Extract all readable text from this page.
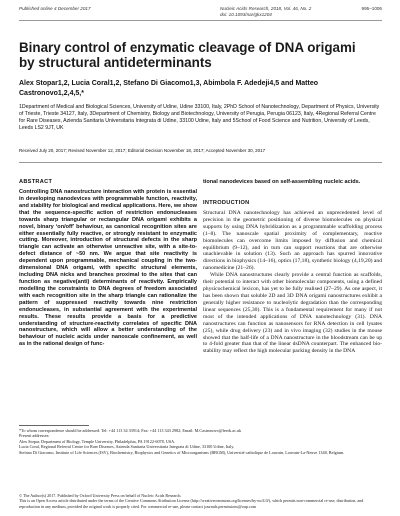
Published online 4 December 2017	Nucleic Acids Research, 2018, Vol. 46, No. 2	995–1006
doi: 10.1093/nar/gkx1204
Binary control of enzymatic cleavage of DNA origami by structural antideterminants
Alex Stopar1,2, Lucia Coral1,2, Stefano Di Giacomo1,3, Abimbola F. Adedeji4,5 and Matteo Castronovo1,2,4,5,*
1Department of Medical and Biological Sciences, University of Udine, Udine 33100, Italy, 2PhD School of Nanotechnology, Department of Physics, University of Trieste, Trieste 34127, Italy, 3Department of Chemistry, Biology and Biotechnology, University of Perugia, Perugia 06123, Italy, 4Regional Referral Centre for Rare Diseases, Azienda Sanitaria Universitaria Integrata di Udine, 33100 Udine, Italy and 5School of Food Science and Nutrition, University of Leeds, Leeds LS2 9JT, UK
Received July 20, 2017; Revised November 12, 2017; Editorial Decision November 18, 2017; Accepted November 30, 2017
ABSTRACT

Controlling DNA nanostructure interaction with protein is essential in developing nanodevices with programmable function, reactivity, and stability for biological and medical applications. Here, we show that the sequence-specific action of restriction endonucleases towards sharp triangular or rectangular DNA origami exhibits a novel, binary ‘on/off’ behaviour, as canonical recognition sites are either essentially fully reactive, or strongly resistant to enzymatic cutting. Moreover, introduction of structural defects in the sharp triangle can activate an otherwise unreactive site, with a site-to-defect distance of ~50 nm. We argue that site reactivity is dependent upon programmable, mechanical coupling in the two-dimensional DNA origami, with specific structural elements, including DNA nicks and branches proximal to the sites that can function as negative(anti) determinants of reactivity. Empirically modelling the constraints to DNA degrees of freedom associated with each recognition site in the sharp triangle can rationalize the pattern of suppressed reactivity towards nine restriction endonucleases, in substantial agreement with the experimental results. These results provide a basis for a predictive understanding of structure-reactivity correlates of specific DNA nanostructure, which will allow a better understanding of the behaviour of nucleic acids under nanoscale confinement, as well as in the rational design of func-

tional nanodevices based on self-assembling nucleic acids.

INTRODUCTION

Structural DNA nanotechnology has achieved an unprecedented level of precision in the geometric positioning of diverse biomolecules on physical supports by using DNA hybridization as a programmable scaffolding process (1–8). The nanoscale spatial proximity of complementary, reactive biomolecules can overcome limits imposed by diffusion and chemical equilibrium (9–12), and in turn can support reactions that are otherwise unachievable in solution (13). Such an approach has spurred innovative directions in biophysics (14–16), optics (17,18), synthetic biology (4,19,20) and nanomedicine (21–26).

While DNA nanostructures clearly provide a central function as scaffolds, their potential to interact with other biomolecular components, using a defined physicochemical lexicon, has yet to be fully realised (27–29). As one aspect, it has been shown that soluble 2D and 3D DNA origami nanostructures exhibit a generally higher resistance to nucleolytic degradation than the corresponding linear sequences (25,30). This is a fundamental requirement for many if not most of the intended applications of DNA nanotechnology (31). DNA nanostructures can function as nanosensors for RNA detection in cell lysates (25), while drug delivery (23) and in vivo imaging (32) studies in the mouse showed that the half-life of a DNA nanostructure in the bloodstream can be up to 4-fold greater than that of the linear dsDNA counterpart. The enhanced bio-stability may reflect the high molecular packing density in the DNA

*To whom correspondence should be addressed. Tel: +44 113 34 33914; Fax: +44 113 343 2982; Email: M.Castronovo@leeds.ac.uk

Present addresses:

Alex Stopar, Department of Biology, Temple University, Philadelphia, PA 19122-6078, USA.

Lucia Coral, Regional Referral Centre for Rare Diseases, Azienda Sanitaria Universitaria Integrata di Udine, 33100 Udine, Italy.

Stefano Di Giacomo, Institute of Life Sciences (ISV), Biochemistry, Biophysics and Genetics of Microorganisms (BBGM), Université catholique de Louvain, Louvain-La-Neuve 1348, Belgium.

© The Author(s) 2017. Published by Oxford University Press on behalf of Nucleic Acids Research.

This is an Open Access article distributed under the terms of the Creative Commons Attribution License (http://creativecommons.org/licenses/by-nc/4.0/), which permits non-commercial re-use, distribution, and reproduction in any medium, provided the original work is properly cited. For commercial re-use, please contact journals.permissions@oup.com
